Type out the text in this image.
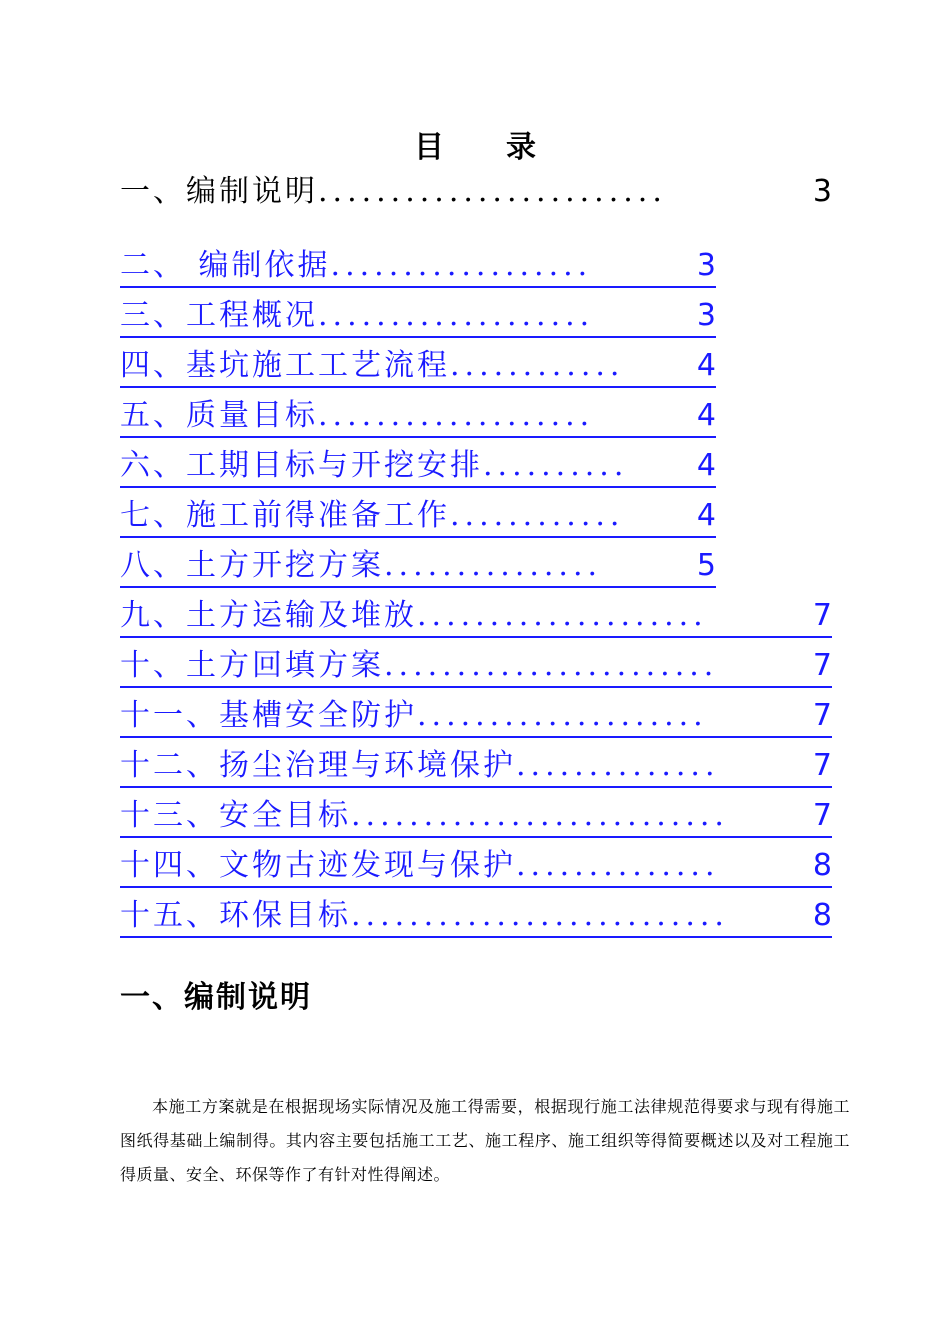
目 录
一、编制说明 ........................	3
二、 编制依据 ..................	3
三、工程概况 ...................	3
四、基坑施工工艺流程 ............	4
五、质量目标 ...................	4
六、工期目标与开挖安排 ..........	4
七、施工前得准备工作 ............	4
八、土方开挖方案 ...............	5
九、土方运输及堆放 ....................	7
十、土方回填方案 .......................	7
十一、基槽安全防护 ....................	7
十二、扬尘治理与环境保护 ..............	7
十三、安全目标 ..........................	7
十四、文物古迹发现与保护 ..............	8
十五、环保目标 ..........................	8
一、编制说明

本施工方案就是在根据现场实际情况及施工得需要，根据现行施工法律规范得要求与现有得施工图纸得基础上编制得。其内容主要包括施工工艺、施工程序、施工组织等得简要概述以及对工程施工得质量、安全、环保等作了有针对性得阐述。
